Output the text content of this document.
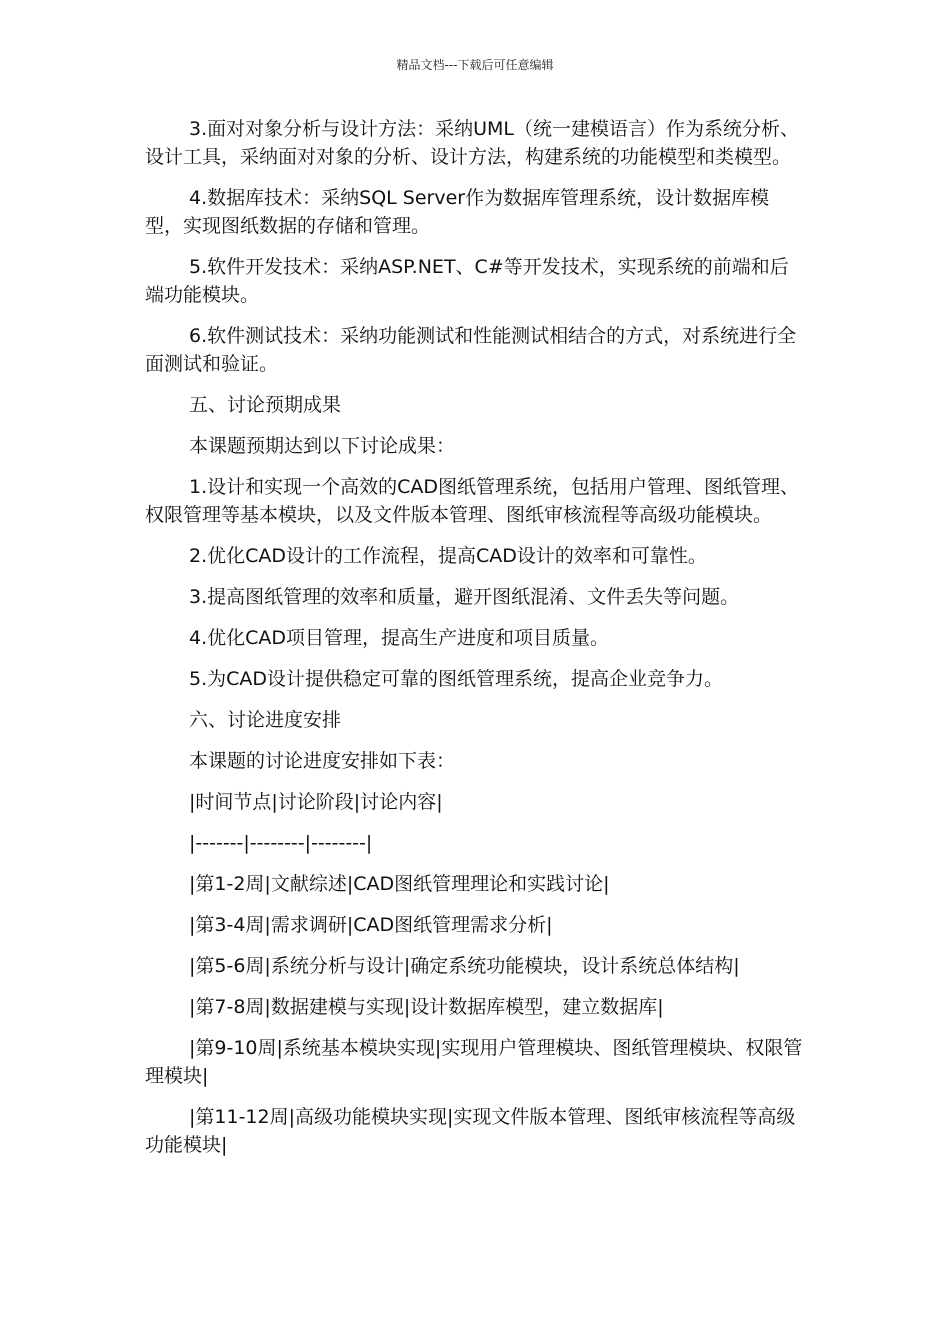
精品文档---下载后可任意编辑

3.面对对象分析与设计方法：采纳UML（统一建模语言）作为系统分析、设计工具，采纳面对对象的分析、设计方法，构建系统的功能模型和类模型。

4.数据库技术：采纳SQL Server作为数据库管理系统，设计数据库模型，实现图纸数据的存储和管理。

5.软件开发技术：采纳ASP.NET、C#等开发技术，实现系统的前端和后端功能模块。

6.软件测试技术：采纳功能测试和性能测试相结合的方式，对系统进行全面测试和验证。

五、讨论预期成果

本课题预期达到以下讨论成果：

1.设计和实现一个高效的CAD图纸管理系统，包括用户管理、图纸管理、权限管理等基本模块，以及文件版本管理、图纸审核流程等高级功能模块。

2.优化CAD设计的工作流程，提高CAD设计的效率和可靠性。

3.提高图纸管理的效率和质量，避开图纸混淆、文件丢失等问题。

4.优化CAD项目管理，提高生产进度和项目质量。

5.为CAD设计提供稳定可靠的图纸管理系统，提高企业竞争力。

六、讨论进度安排

本课题的讨论进度安排如下表：

|时间节点|讨论阶段|讨论内容|

|-------|--------|--------|

|第1-2周|文献综述|CAD图纸管理理论和实践讨论|

|第3-4周|需求调研|CAD图纸管理需求分析|

|第5-6周|系统分析与设计|确定系统功能模块，设计系统总体结构|

|第7-8周|数据建模与实现|设计数据库模型，建立数据库|

|第9-10周|系统基本模块实现|实现用户管理模块、图纸管理模块、权限管理模块|

|第11-12周|高级功能模块实现|实现文件版本管理、图纸审核流程等高级功能模块|
